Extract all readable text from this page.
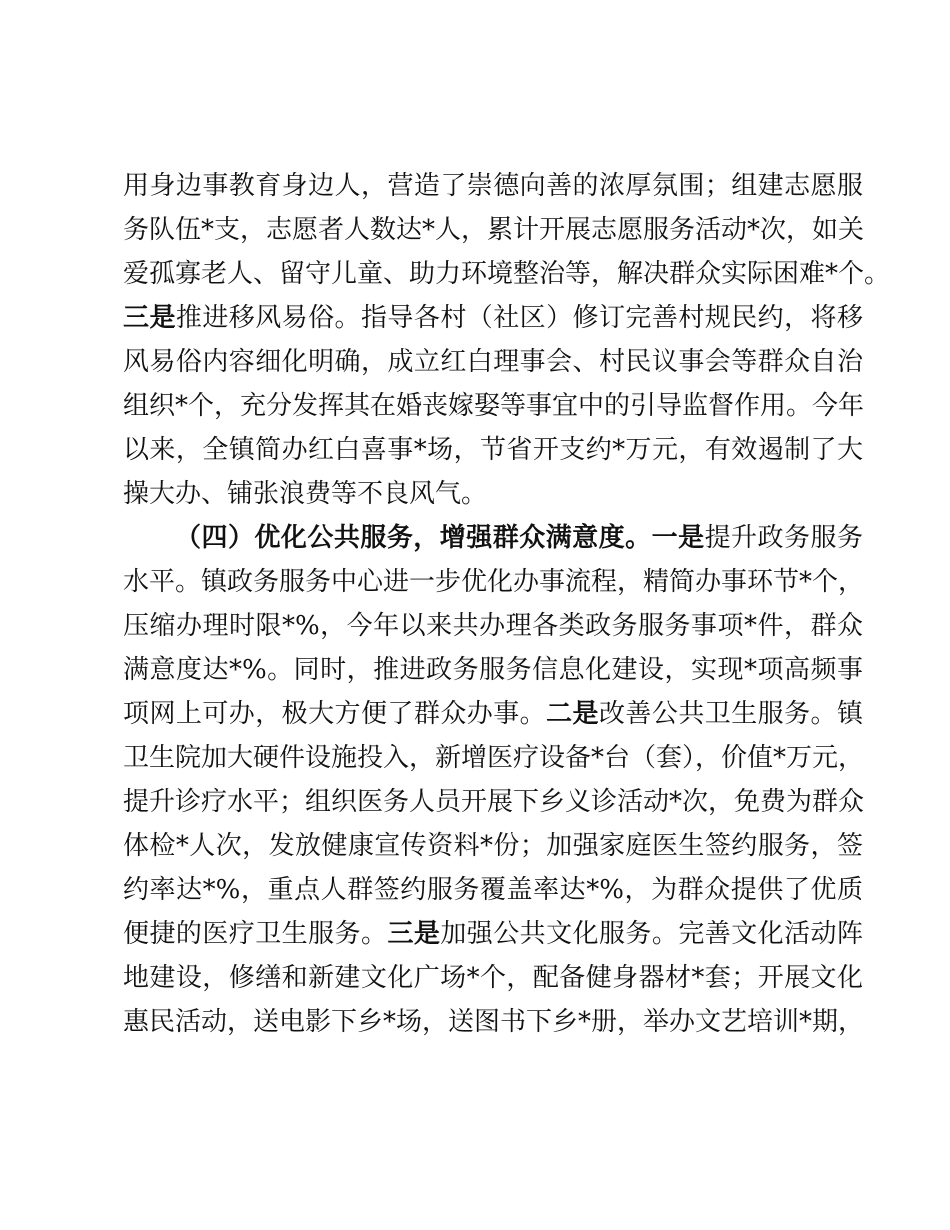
用身边事教育身边人，营造了崇德向善的浓厚氛围；组建志愿服
务队伍*支，志愿者人数达*人，累计开展志愿服务活动*次，如关
爱孤寡老人、留守儿童、助力环境整治等，解决群众实际困难*个。
三是推进移风易俗。指导各村（社区）修订完善村规民约，将移
风易俗内容细化明确，成立红白理事会、村民议事会等群众自治
组织*个，充分发挥其在婚丧嫁娶等事宜中的引导监督作用。今年
以来，全镇简办红白喜事*场，节省开支约*万元，有效遏制了大
操大办、铺张浪费等不良风气。
（四）优化公共服务，增强群众满意度。一是提升政务服务
水平。镇政务服务中心进一步优化办事流程，精简办事环节*个，
压缩办理时限*%，今年以来共办理各类政务服务事项*件，群众
满意度达*%。同时，推进政务服务信息化建设，实现*项高频事
项网上可办，极大方便了群众办事。二是改善公共卫生服务。镇
卫生院加大硬件设施投入，新增医疗设备*台（套），价值*万元，
提升诊疗水平；组织医务人员开展下乡义诊活动*次，免费为群众
体检*人次，发放健康宣传资料*份；加强家庭医生签约服务，签
约率达*%，重点人群签约服务覆盖率达*%，为群众提供了优质
便捷的医疗卫生服务。三是加强公共文化服务。完善文化活动阵
地建设，修缮和新建文化广场*个，配备健身器材*套；开展文化
惠民活动，送电影下乡*场，送图书下乡*册，举办文艺培训*期，
